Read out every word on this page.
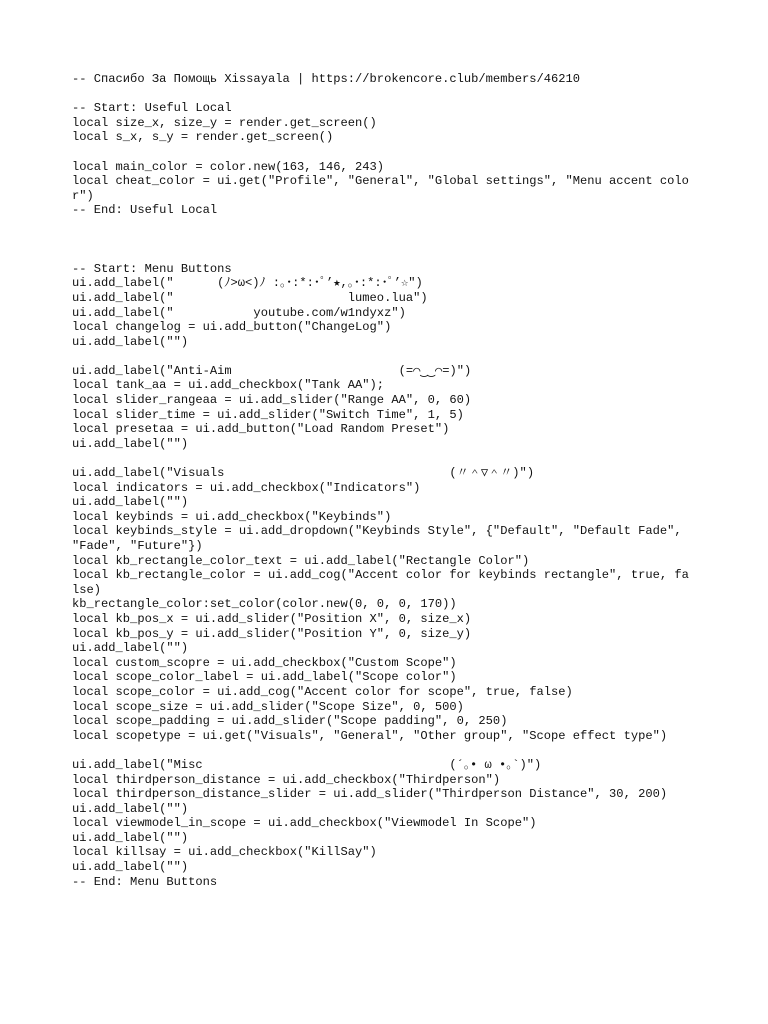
-- Спасибо За Помощь Xissayala | https://brokencore.club/members/46210
-- Start: Useful Local
local size_x, size_y = render.get_screen()
local s_x, s_y = render.get_screen()
local main_color = color.new(163, 146, 243)
local cheat_color = ui.get("Profile", "General", "Global settings", "Menu accent color")
-- End: Useful Local
-- Start: Menu Buttons
ui.add_label("      (ﾉ>ω<)ﾉ :｡･:*:･ﾟ’★,｡･:*:･ﾟ’☆")
ui.add_label("                        lumeo.lua")
ui.add_label("           youtube.com/w1ndyxz")
local changelog = ui.add_button("ChangeLog")
ui.add_label("")
ui.add_label("Anti-Aim                       (=⌒‿‿⌒=)")
local tank_aa = ui.add_checkbox("Tank AA");
local slider_rangeaa = ui.add_slider("Range AA", 0, 60)
local slider_time = ui.add_slider("Switch Time", 1, 5)
local presetaa = ui.add_button("Load Random Preset")
ui.add_label("")
ui.add_label("Visuals                               (〃＾▽＾〃)")
local indicators = ui.add_checkbox("Indicators")
ui.add_label("")
local keybinds = ui.add_checkbox("Keybinds")
local keybinds_style = ui.add_dropdown("Keybinds Style", {"Default", "Default Fade", "Fade", "Future"})
local kb_rectangle_color_text = ui.add_label("Rectangle Color")
local kb_rectangle_color = ui.add_cog("Accent color for keybinds rectangle", true, false)
kb_rectangle_color:set_color(color.new(0, 0, 0, 170))
local kb_pos_x = ui.add_slider("Position X", 0, size_x)
local kb_pos_y = ui.add_slider("Position Y", 0, size_y)
ui.add_label("")
local custom_scopre = ui.add_checkbox("Custom Scope")
local scope_color_label = ui.add_label("Scope color")
local scope_color = ui.add_cog("Accent color for scope", true, false)
local scope_size = ui.add_slider("Scope Size", 0, 500)
local scope_padding = ui.add_slider("Scope padding", 0, 250)
local scopetype = ui.get("Visuals", "General", "Other group", "Scope effect type")
ui.add_label("Misc                                  (´｡• ω •｡`)")
local thirdperson_distance = ui.add_checkbox("Thirdperson")
local thirdperson_distance_slider = ui.add_slider("Thirdperson Distance", 30, 200)
ui.add_label("")
local viewmodel_in_scope = ui.add_checkbox("Viewmodel In Scope")
ui.add_label("")
local killsay = ui.add_checkbox("KillSay")
ui.add_label("")
-- End: Menu Buttons
